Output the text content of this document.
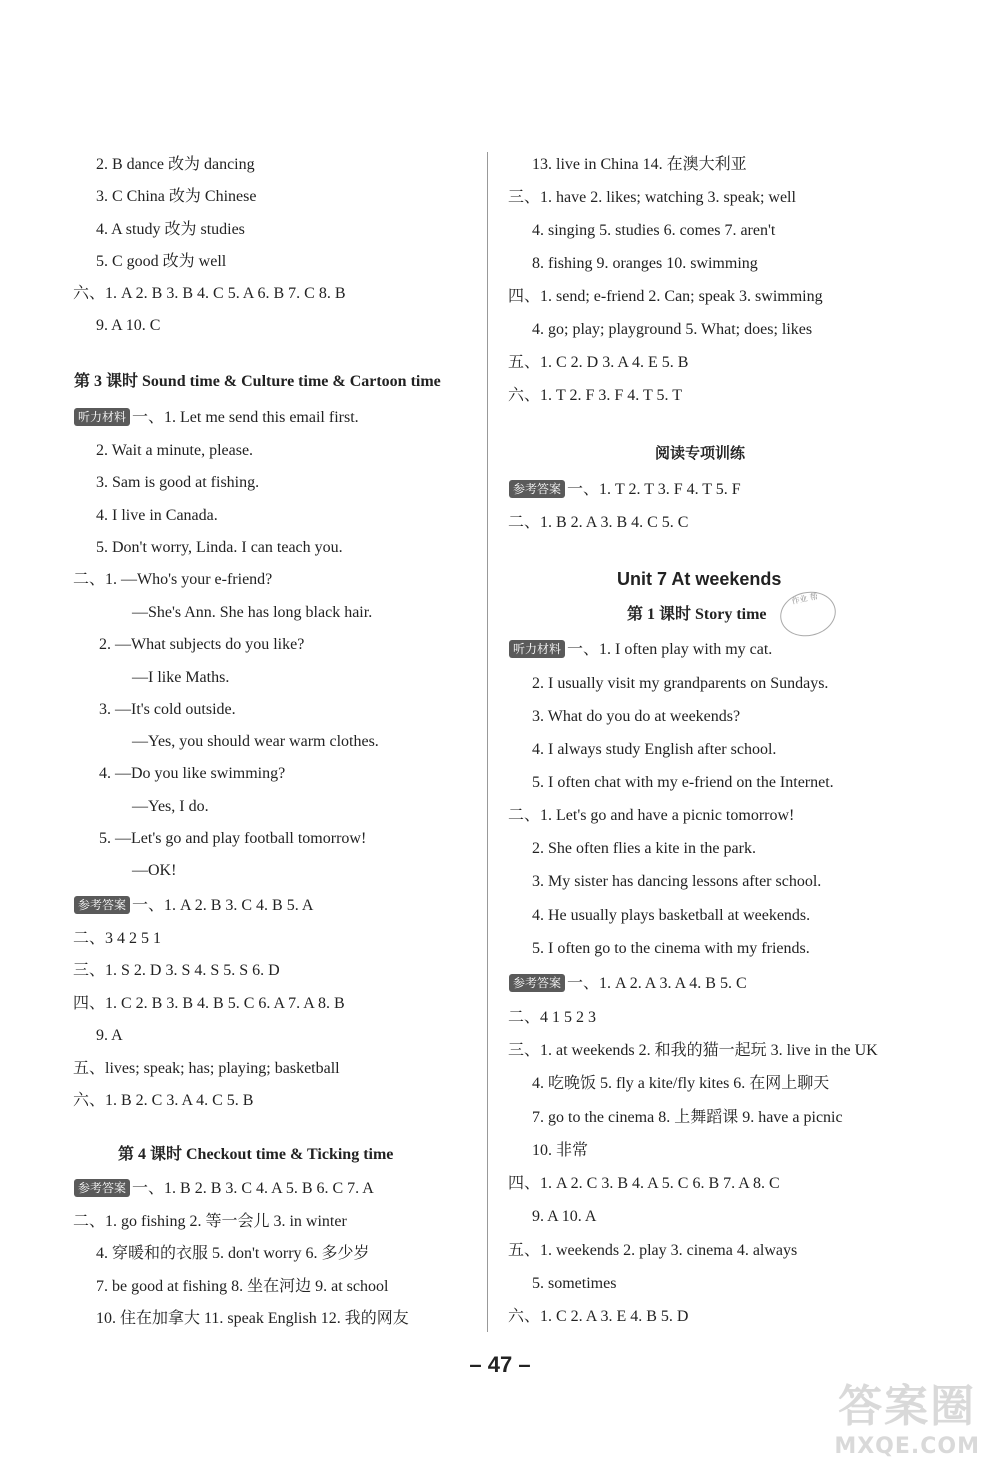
2. B dance 改为 dancing
3. C China 改为 Chinese
4. A study 改为 studies
5. C good 改为 well
六、1. A 2. B 3. B 4. C 5. A 6. B 7. C 8. B
9. A 10. C
第 3 课时 Sound time & Culture time & Cartoon time
听力材料 一、1. Let me send this email first.
2. Wait a minute, please.
3. Sam is good at fishing.
4. I live in Canada.
5. Don't worry, Linda. I can teach you.
二、1. —Who's your e-friend?
—She's Ann. She has long black hair.
2. —What subjects do you like?
—I like Maths.
3. —It's cold outside.
—Yes, you should wear warm clothes.
4. —Do you like swimming?
—Yes, I do.
5. —Let's go and play football tomorrow!
—OK!
参考答案 一、1. A 2. B 3. C 4. B 5. A
二、3 4 2 5 1
三、1. S 2. D 3. S 4. S 5. S 6. D
四、1. C 2. B 3. B 4. B 5. C 6. A 7. A 8. B
9. A
五、lives; speak; has; playing; basketball
六、1. B 2. C 3. A 4. C 5. B
第 4 课时 Checkout time & Ticking time
参考答案 一、1. B 2. B 3. C 4. A 5. B 6. C 7. A
二、1. go fishing 2. 等一会儿 3. in winter
4. 穿暖和的衣服 5. don't worry 6. 多少岁
7. be good at fishing 8. 坐在河边 9. at school
10. 住在加拿大 11. speak English 12. 我的网友
13. live in China 14. 在澳大利亚
三、1. have 2. likes; watching 3. speak; well
4. singing 5. studies 6. comes 7. aren't
8. fishing 9. oranges 10. swimming
四、1. send; e-friend 2. Can; speak 3. swimming
4. go; play; playground 5. What; does; likes
五、1. C 2. D 3. A 4. E 5. B
六、1. T 2. F 3. F 4. T 5. T
阅读专项训练
参考答案 一、1. T 2. T 3. F 4. T 5. F
二、1. B 2. A 3. B 4. C 5. C
Unit 7 At weekends
第 1 课时 Story time
作业 帮
听力材料 一、1. I often play with my cat.
2. I usually visit my grandparents on Sundays.
3. What do you do at weekends?
4. I always study English after school.
5. I often chat with my e-friend on the Internet.
二、1. Let's go and have a picnic tomorrow!
2. She often flies a kite in the park.
3. My sister has dancing lessons after school.
4. He usually plays basketball at weekends.
5. I often go to the cinema with my friends.
参考答案 一、1. A 2. A 3. A 4. B 5. C
二、4 1 5 2 3
三、1. at weekends 2. 和我的猫一起玩 3. live in the UK
4. 吃晚饭 5. fly a kite/fly kites 6. 在网上聊天
7. go to the cinema 8. 上舞蹈课 9. have a picnic
10. 非常
四、1. A 2. C 3. B 4. A 5. C 6. B 7. A 8. C
9. A 10. A
五、1. weekends 2. play 3. cinema 4. always
5. sometimes
六、1. C 2. A 3. E 4. B 5. D
– 47 –
答案圈
MXQE.COM
